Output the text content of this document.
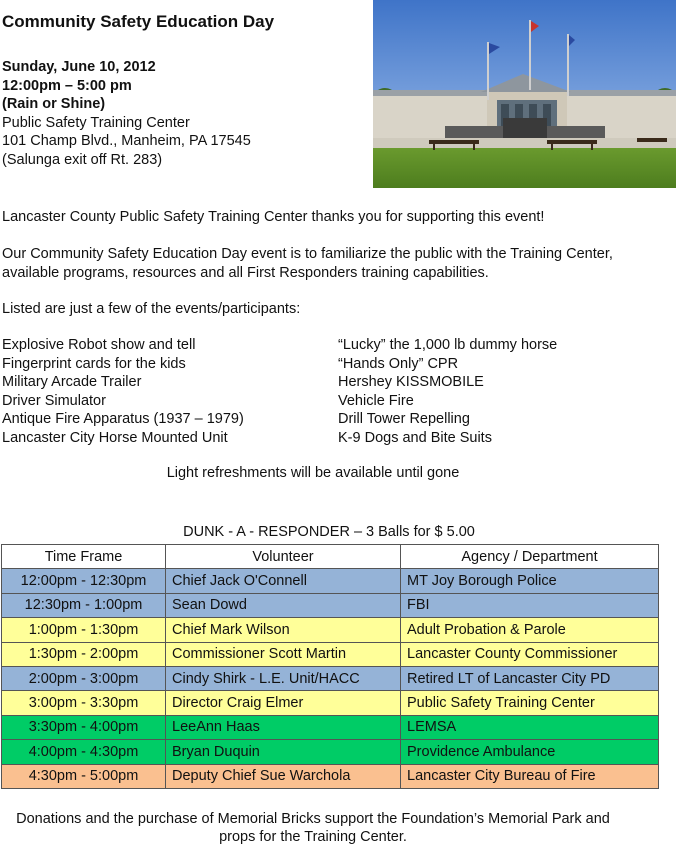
Community Safety Education Day
Sunday, June 10, 2012
12:00pm – 5:00 pm
(Rain or Shine)
Public Safety Training Center
101 Champ Blvd., Manheim, PA 17545
(Salunga exit off Rt. 283)
Lancaster County Public Safety Training Center thanks you for supporting this event!
Our Community Safety Education Day event is to familiarize the public with the Training Center, available programs, resources and all First Responders training capabilities.
Listed are just a few of the events/participants:
Explosive Robot show and tell
Fingerprint cards for the kids
Military Arcade Trailer
Driver Simulator
Antique Fire Apparatus (1937 – 1979)
Lancaster City Horse Mounted Unit
“Lucky” the 1,000 lb dummy horse
“Hands Only” CPR
Hershey KISSMOBILE
Vehicle Fire
Drill Tower Repelling
K-9 Dogs and Bite Suits
Light refreshments will be available until gone
DUNK - A - RESPONDER – 3 Balls for $ 5.00
Time Frame	Volunteer	Agency / Department
12:00pm - 12:30pm	Chief Jack O'Connell	MT Joy Borough Police
12:30pm - 1:00pm	Sean Dowd	FBI
1:00pm - 1:30pm	Chief Mark Wilson	Adult Probation & Parole
1:30pm - 2:00pm	Commissioner Scott Martin	Lancaster County Commissioner
2:00pm - 3:00pm	Cindy Shirk - L.E. Unit/HACC	Retired LT of Lancaster City PD
3:00pm - 3:30pm	Director Craig Elmer	Public Safety Training Center
3:30pm - 4:00pm	LeeAnn Haas	LEMSA
4:00pm - 4:30pm	Bryan Duquin	Providence Ambulance
4:30pm - 5:00pm	Deputy Chief Sue Warchola	Lancaster City Bureau of Fire
Donations and the purchase of Memorial Bricks support the Foundation’s Memorial Park and props for the Training Center.
